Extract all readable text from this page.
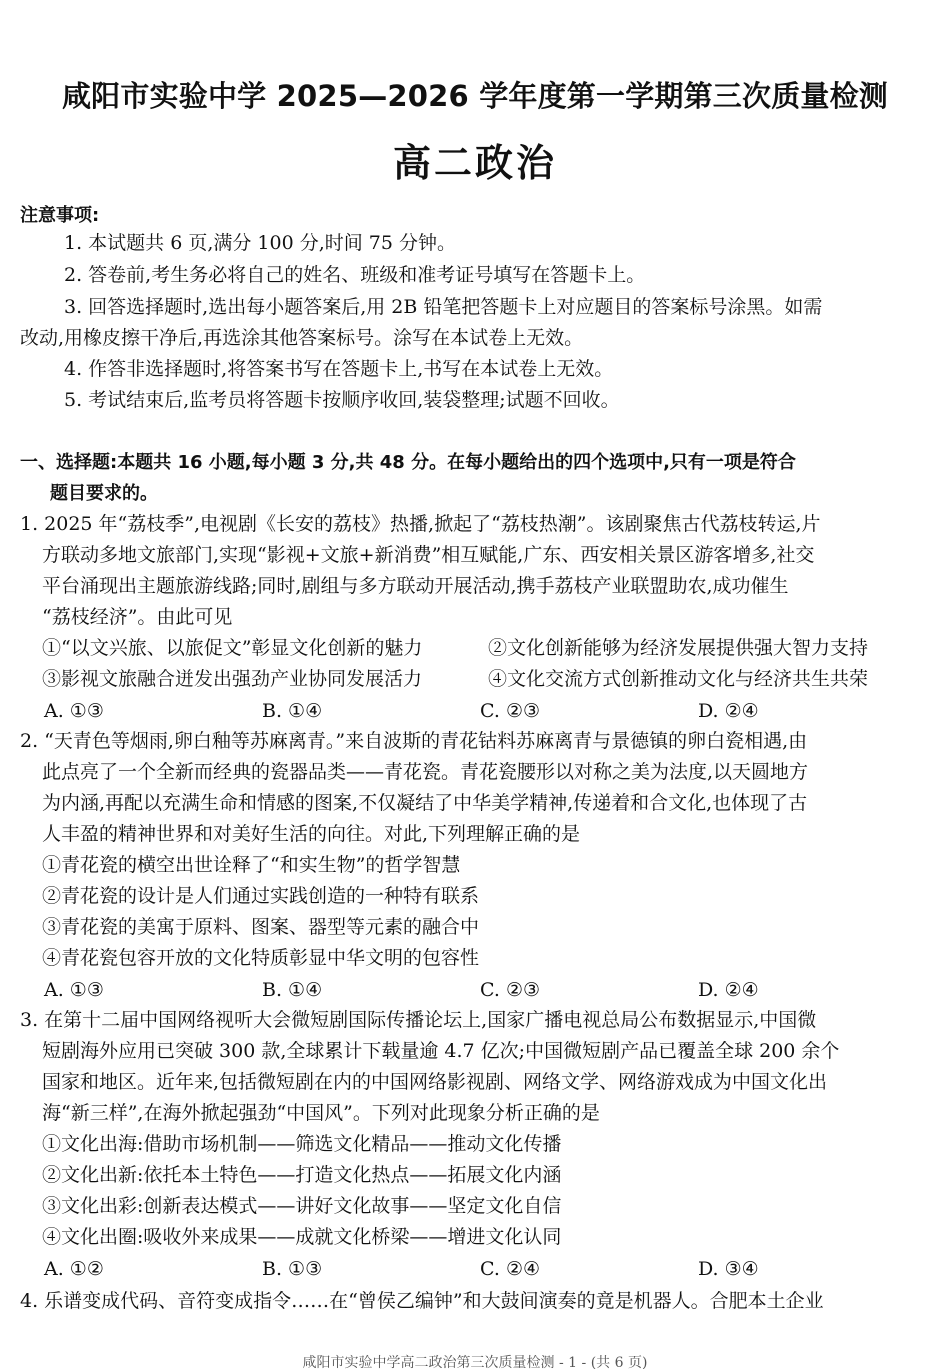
咸阳市实验中学 2025—2026 学年度第一学期第三次质量检测
高二政治
注意事项:
1. 本试题共 6 页,满分 100 分,时间 75 分钟。
2. 答卷前,考生务必将自己的姓名、班级和准考证号填写在答题卡上。
3. 回答选择题时,选出每小题答案后,用 2B 铅笔把答题卡上对应题目的答案标号涂黑。如需
改动,用橡皮擦干净后,再选涂其他答案标号。涂写在本试卷上无效。
4. 作答非选择题时,将答案书写在答题卡上,书写在本试卷上无效。
5. 考试结束后,监考员将答题卡按顺序收回,装袋整理;试题不回收。
一、选择题:本题共 16 小题,每小题 3 分,共 48 分。在每小题给出的四个选项中,只有一项是符合
题目要求的。
1. 2025 年“荔枝季”,电视剧《长安的荔枝》热播,掀起了“荔枝热潮”。该剧聚焦古代荔枝转运,片
方联动多地文旅部门,实现“影视+文旅+新消费”相互赋能,广东、西安相关景区游客增多,社交
平台涌现出主题旅游线路;同时,剧组与多方联动开展活动,携手荔枝产业联盟助农,成功催生
“荔枝经济”。由此可见
①“以文兴旅、以旅促文”彰显文化创新的魅力	②文化创新能够为经济发展提供强大智力支持
③影视文旅融合迸发出强劲产业协同发展活力	④文化交流方式创新推动文化与经济共生共荣
A. ①③	B. ①④	C. ②③	D. ②④
2. “天青色等烟雨,卵白釉等苏麻离青。”来自波斯的青花钴料苏麻离青与景德镇的卵白瓷相遇,由
此点亮了一个全新而经典的瓷器品类——青花瓷。青花瓷腰形以对称之美为法度,以天圆地方
为内涵,再配以充满生命和情感的图案,不仅凝结了中华美学精神,传递着和合文化,也体现了古
人丰盈的精神世界和对美好生活的向往。对此,下列理解正确的是
①青花瓷的横空出世诠释了“和实生物”的哲学智慧
②青花瓷的设计是人们通过实践创造的一种特有联系
③青花瓷的美寓于原料、图案、器型等元素的融合中
④青花瓷包容开放的文化特质彰显中华文明的包容性
A. ①③	B. ①④	C. ②③	D. ②④
3. 在第十二届中国网络视听大会微短剧国际传播论坛上,国家广播电视总局公布数据显示,中国微
短剧海外应用已突破 300 款,全球累计下载量逾 4.7 亿次;中国微短剧产品已覆盖全球 200 余个
国家和地区。近年来,包括微短剧在内的中国网络影视剧、网络文学、网络游戏成为中国文化出
海“新三样”,在海外掀起强劲“中国风”。下列对此现象分析正确的是
①文化出海:借助市场机制——筛选文化精品——推动文化传播
②文化出新:依托本土特色——打造文化热点——拓展文化内涵
③文化出彩:创新表达模式——讲好文化故事——坚定文化自信
④文化出圈:吸收外来成果——成就文化桥梁——增进文化认同
A. ①②	B. ①③	C. ②④	D. ③④
4. 乐谱变成代码、音符变成指令……在“曾侯乙编钟”和大鼓间演奏的竟是机器人。合肥本土企业
咸阳市实验中学高二政治第三次质量检测 - 1 - (共 6 页)
